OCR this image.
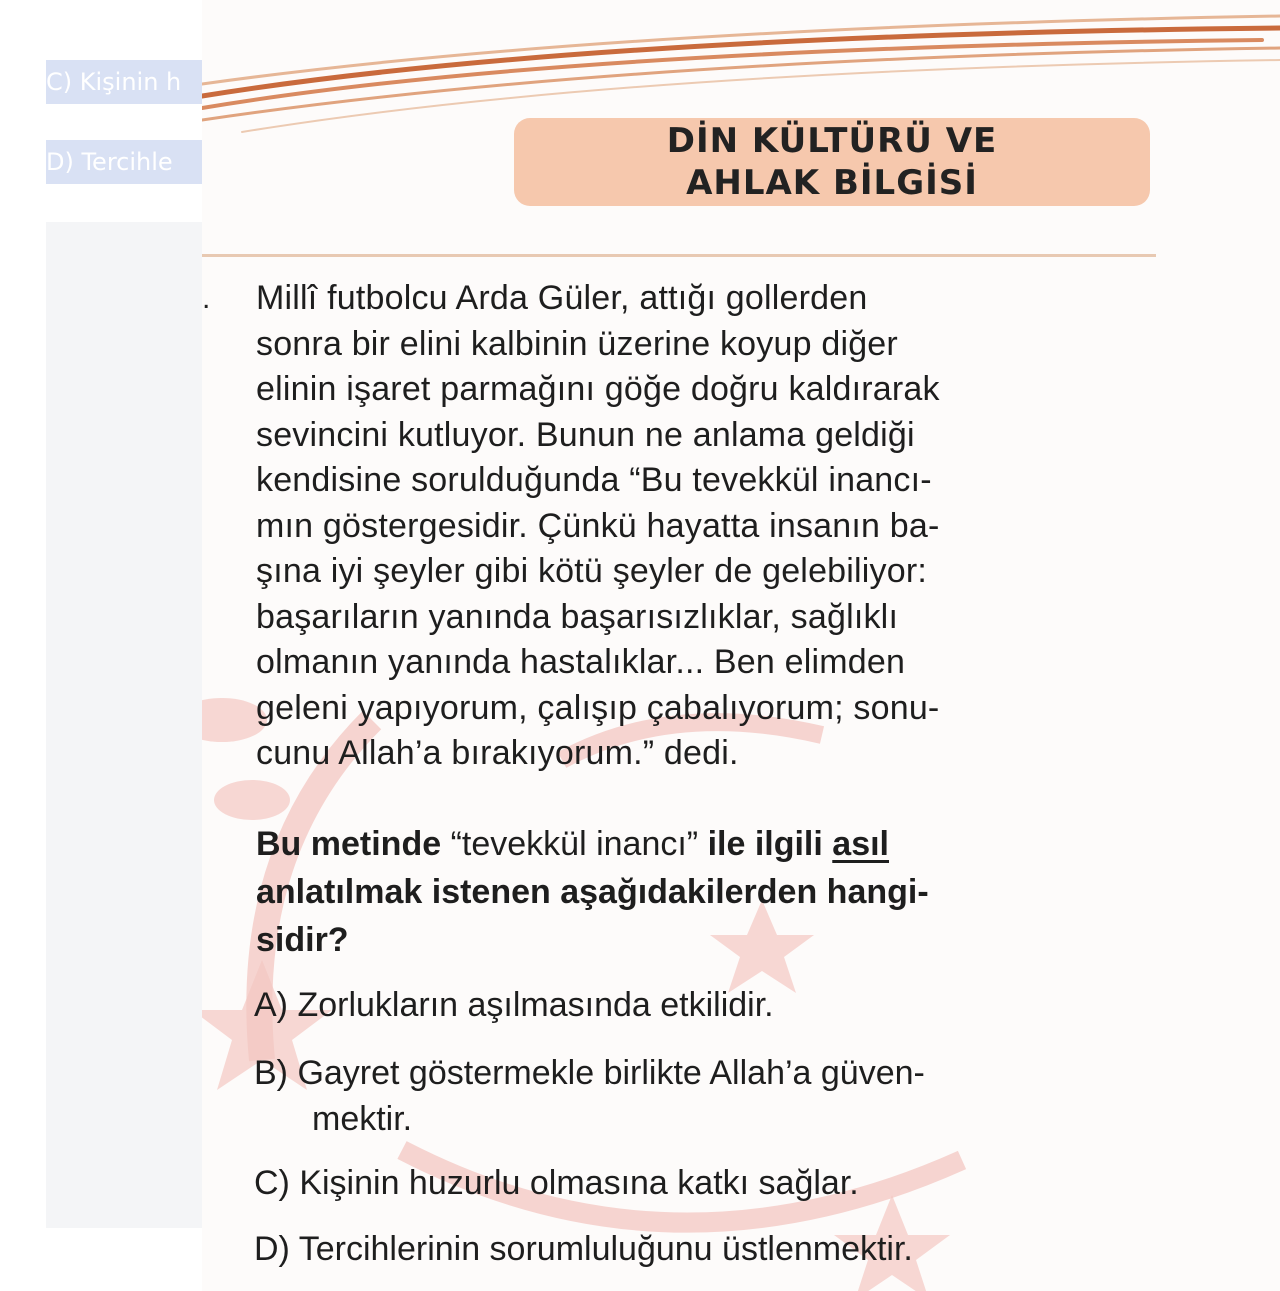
C) Kişinin h
D) Tercihle
DİN KÜLTÜRÜ VE
AHLAK BİLGİSİ
. Millî futbolcu Arda Güler, attığı gollerden
sonra bir elini kalbinin üzerine koyup diğer
elinin işaret parmağını göğe doğru kaldırarak
sevincini kutluyor. Bunun ne anlama geldiği
kendisine sorulduğunda “Bu tevekkül inancı-
mın göstergesidir. Çünkü hayatta insanın ba-
şına iyi şeyler gibi kötü şeyler de gelebiliyor:
başarıların yanında başarısızlıklar, sağlıklı
olmanın yanında hastalıklar... Ben elimden
geleni yapıyorum, çalışıp çabalıyorum; sonu-
cunu Allah’a bırakıyorum.” dedi.
Bu metinde “tevekkül inancı” ile ilgili asıl
anlatılmak istenen aşağıdakilerden hangi-
sidir?
A) Zorlukların aşılmasında etkilidir.
B) Gayret göstermekle birlikte Allah’a güven-
mektir.
C) Kişinin huzurlu olmasına katkı sağlar.
D) Tercihlerinin sorumluluğunu üstlenmektir.
